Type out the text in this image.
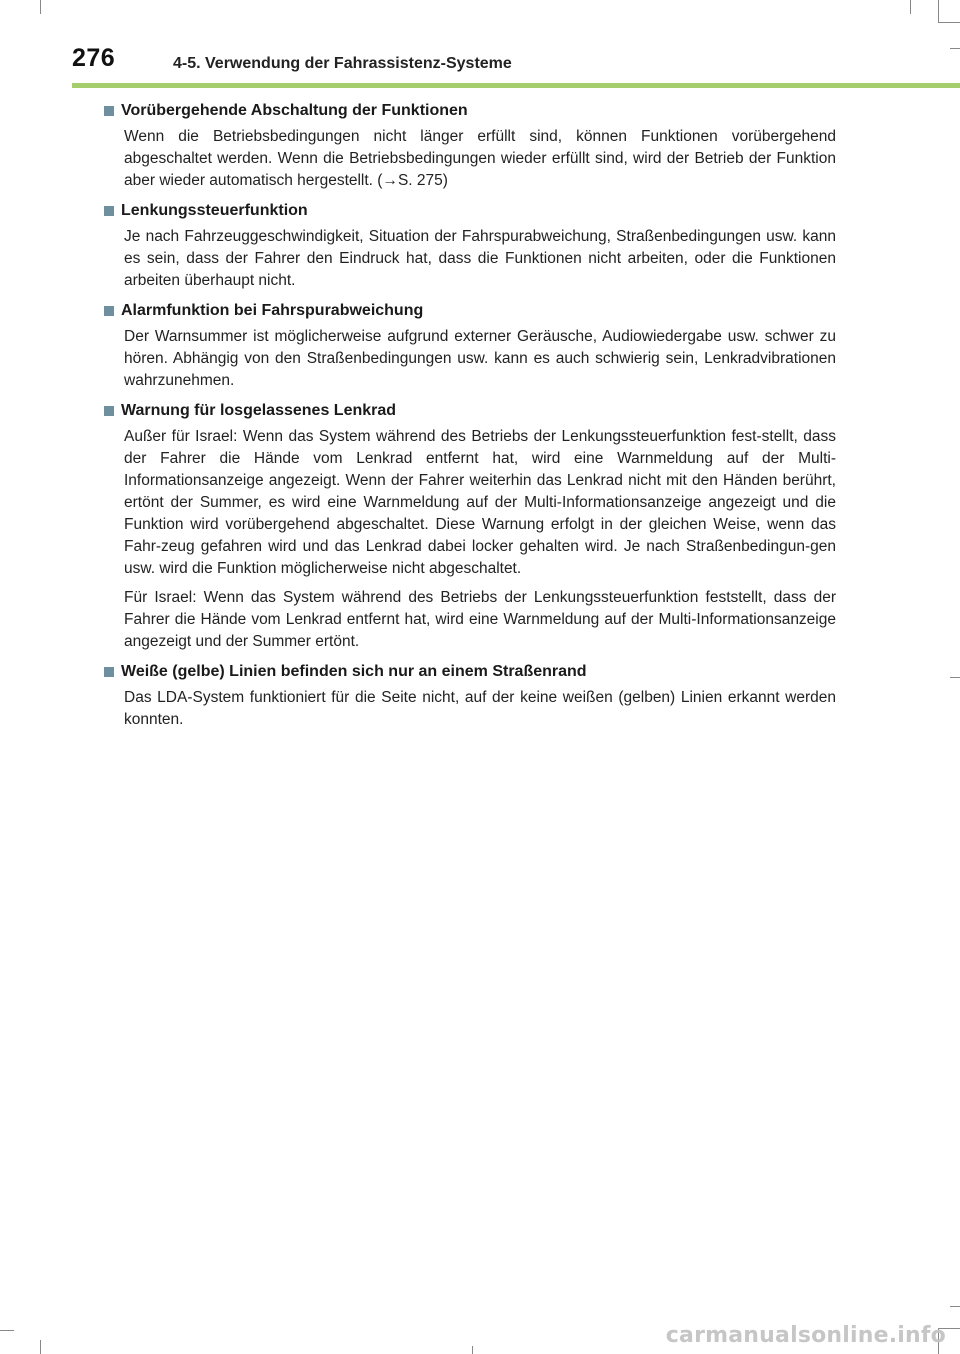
276	4-5. Verwendung der Fahrassistenz-Systeme
Vorübergehende Abschaltung der Funktionen

Wenn die Betriebsbedingungen nicht länger erfüllt sind, können Funktionen vorübergehend abgeschaltet werden. Wenn die Betriebsbedingungen wieder erfüllt sind, wird der Betrieb der Funktion aber wieder automatisch hergestellt. (→S. 275)

Lenkungssteuerfunktion

Je nach Fahrzeuggeschwindigkeit, Situation der Fahrspurabweichung, Straßenbedingungen usw. kann es sein, dass der Fahrer den Eindruck hat, dass die Funktionen nicht arbeiten, oder die Funktionen arbeiten überhaupt nicht.

Alarmfunktion bei Fahrspurabweichung

Der Warnsummer ist möglicherweise aufgrund externer Geräusche, Audiowiedergabe usw. schwer zu hören. Abhängig von den Straßenbedingungen usw. kann es auch schwierig sein, Lenkradvibrationen wahrzunehmen.

Warnung für losgelassenes Lenkrad

Außer für Israel: Wenn das System während des Betriebs der Lenkungssteuerfunktion fest-stellt, dass der Fahrer die Hände vom Lenkrad entfernt hat, wird eine Warnmeldung auf der Multi-Informationsanzeige angezeigt. Wenn der Fahrer weiterhin das Lenkrad nicht mit den Händen berührt, ertönt der Summer, es wird eine Warnmeldung auf der Multi-Informationsanzeige angezeigt und die Funktion wird vorübergehend abgeschaltet. Diese Warnung erfolgt in der gleichen Weise, wenn das Fahr-zeug gefahren wird und das Lenkrad dabei locker gehalten wird. Je nach Straßenbedingun-gen usw. wird die Funktion möglicherweise nicht abgeschaltet.

Für Israel: Wenn das System während des Betriebs der Lenkungssteuerfunktion feststellt, dass der Fahrer die Hände vom Lenkrad entfernt hat, wird eine Warnmeldung auf der Multi-Informationsanzeige angezeigt und der Summer ertönt.

Weiße (gelbe) Linien befinden sich nur an einem Straßenrand

Das LDA-System funktioniert für die Seite nicht, auf der keine weißen (gelben) Linien erkannt werden konnten.

carmanualsonline.info
